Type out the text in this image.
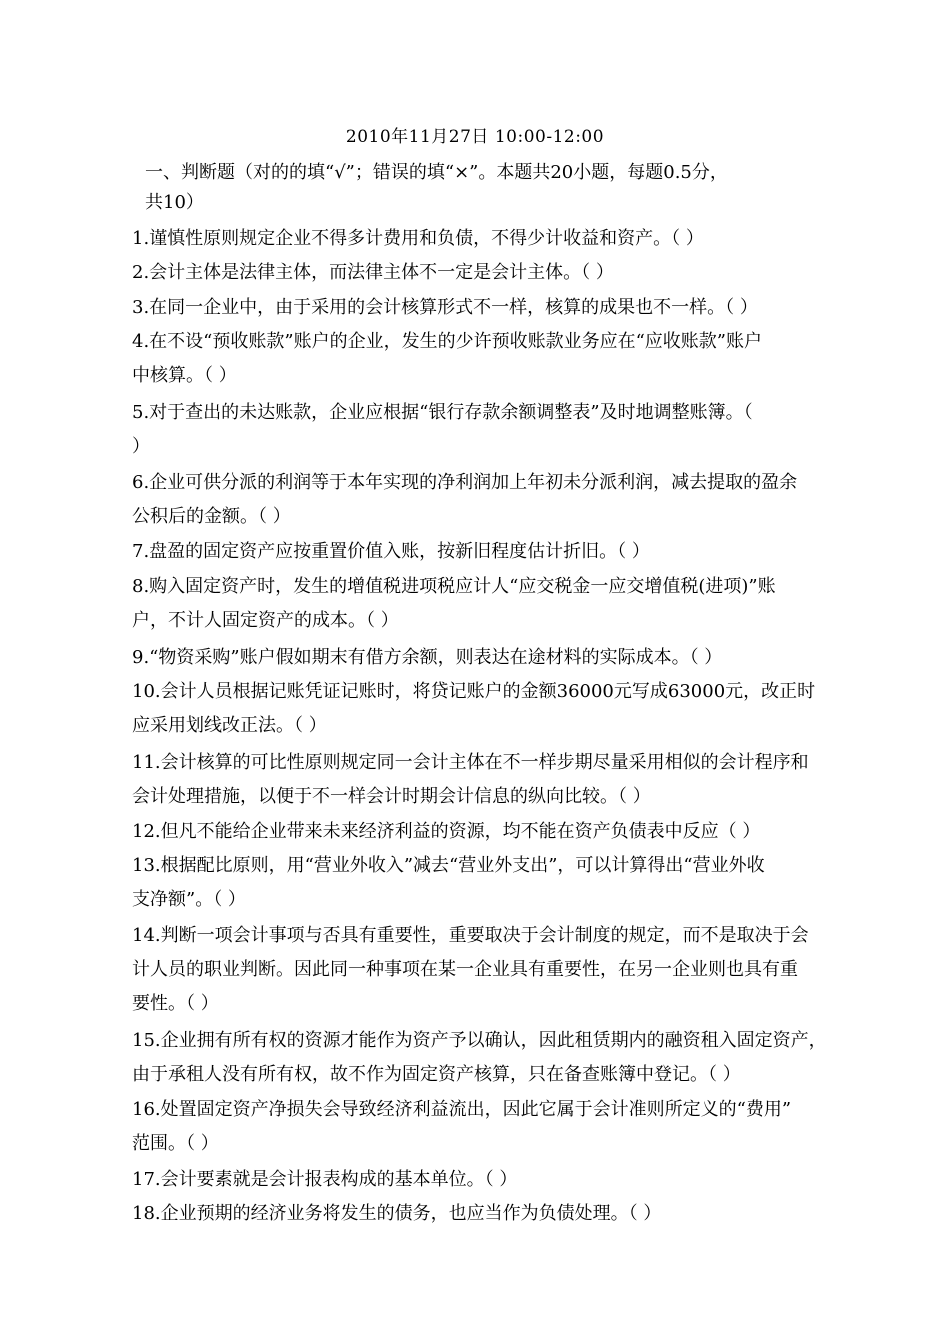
2010年11月27日 10:00-12:00
一、判断题（对的的填“√”；错误的填“×”。本题共20小题，每题0.5分，
共10）
1.谨慎性原则规定企业不得多计费用和负债，不得少计收益和资产。（ ）
2.会计主体是法律主体，而法律主体不一定是会计主体。（ ）
3.在同一企业中，由于采用的会计核算形式不一样，核算的成果也不一样。（ ）
4.在不设“预收账款”账户的企业，发生的少许预收账款业务应在“应收账款”账户
中核算。（ ）
5.对于查出的未达账款，企业应根据“银行存款余额调整表”及时地调整账簿。（
）
6.企业可供分派的利润等于本年实现的净利润加上年初未分派利润，减去提取的盈余
公积后的金额。（ ）
7.盘盈的固定资产应按重置价值入账，按新旧程度估计折旧。（ ）
8.购入固定资产时，发生的增值税进项税应计人“应交税金一应交增值税(进项)”账
户，不计人固定资产的成本。（ ）
9.“物资采购”账户假如期末有借方余额，则表达在途材料的实际成本。（ ）
10.会计人员根据记账凭证记账时，将贷记账户的金额36000元写成63000元，改正时
应采用划线改正法。（ ）
11.会计核算的可比性原则规定同一会计主体在不一样步期尽量采用相似的会计程序和
会计处理措施，以便于不一样会计时期会计信息的纵向比较。（ ）
12.但凡不能给企业带来未来经济利益的资源，均不能在资产负债表中反应（ ）
13.根据配比原则，用“营业外收入”减去“营业外支出”，可以计算得出“营业外收
支净额”。（ ）
14.判断一项会计事项与否具有重要性，重要取决于会计制度的规定，而不是取决于会
计人员的职业判断。因此同一种事项在某一企业具有重要性，在另一企业则也具有重
要性。（ ）
15.企业拥有所有权的资源才能作为资产予以确认，因此租赁期内的融资租入固定资产，
由于承租人没有所有权，故不作为固定资产核算，只在备查账簿中登记。（ ）
16.处置固定资产净损失会导致经济利益流出，因此它属于会计准则所定义的“费用”
范围。（ ）
17.会计要素就是会计报表构成的基本单位。（ ）
18.企业预期的经济业务将发生的债务，也应当作为负债处理。（ ）
